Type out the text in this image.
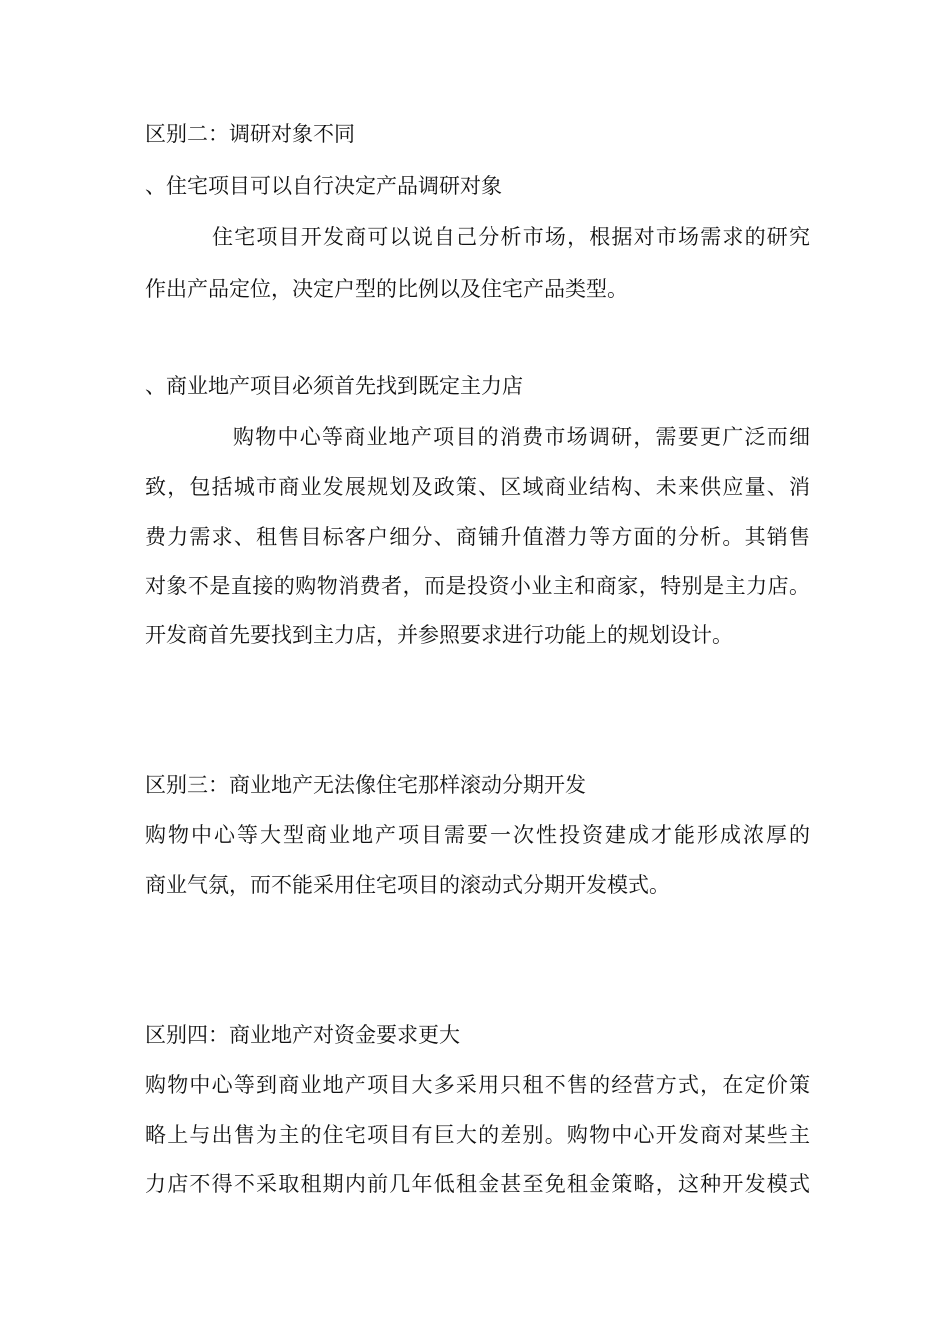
区别二：调研对象不同
、住宅项目可以自行决定产品调研对象
住宅项目开发商可以说自己分析市场，根据对市场需求的研究
作出产品定位，决定户型的比例以及住宅产品类型。
、商业地产项目必须首先找到既定主力店
购物中心等商业地产项目的消费市场调研，需要更广泛而细
致，包括城市商业发展规划及政策、区域商业结构、未来供应量、消
费力需求、租售目标客户细分、商铺升值潜力等方面的分析。其销售
对象不是直接的购物消费者，而是投资小业主和商家，特别是主力店。
开发商首先要找到主力店，并参照要求进行功能上的规划设计。
区别三：商业地产无法像住宅那样滚动分期开发
购物中心等大型商业地产项目需要一次性投资建成才能形成浓厚的
商业气氛，而不能采用住宅项目的滚动式分期开发模式。
区别四：商业地产对资金要求更大
购物中心等到商业地产项目大多采用只租不售的经营方式，在定价策
略上与出售为主的住宅项目有巨大的差别。购物中心开发商对某些主
力店不得不采取租期内前几年低租金甚至免租金策略，这种开发模式
